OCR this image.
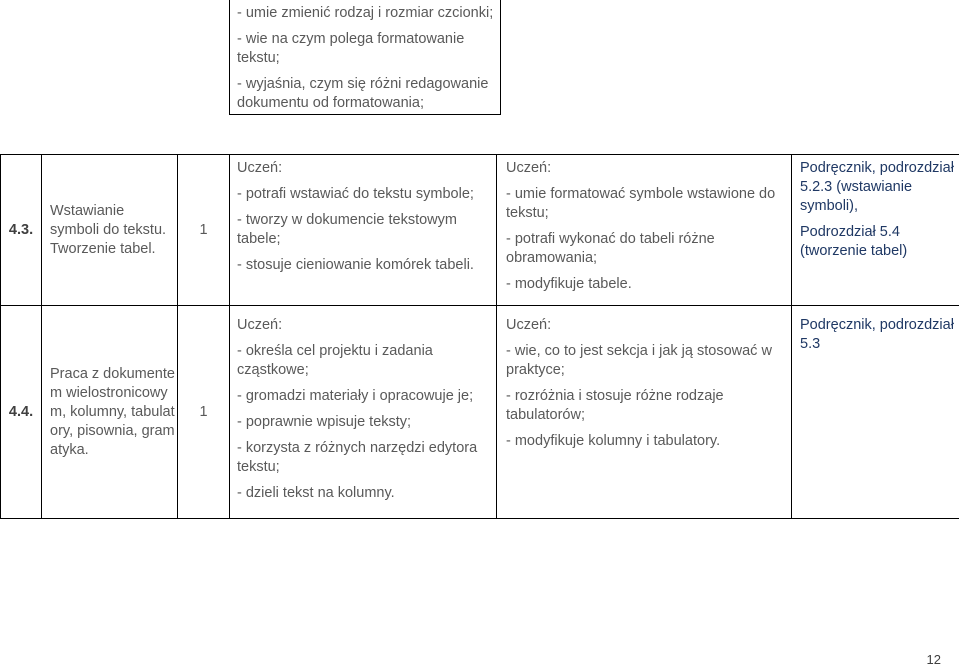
- umie zmienić rodzaj i rozmiar czcionki;
- wie na czym polega formatowanie tekstu;
- wyjaśnia, czym się różni redagowanie dokumentu od formatowania;
4.3.
Wstawianie symboli do tekstu. Tworzenie tabel.
1
Uczeń:
- potrafi wstawiać do tekstu symbole;
- tworzy w dokumencie tekstowym tabele;
- stosuje cieniowanie komórek tabeli.
Uczeń:
- umie formatować symbole wstawione do tekstu;
- potrafi wykonać do tabeli różne obramowania;
- modyfikuje tabele.
Podręcznik, podrozdział 5.2.3 (wstawianie symboli),
Podrozdział 5.4 (tworzenie tabel)
4.4.
Praca z dokumentem wielostronicowym, kolumny, tabulatory, pisownia, gramatyka.
1
Uczeń:
- określa cel projektu i zadania cząstkowe;
- gromadzi materiały i opracowuje je;
- poprawnie wpisuje teksty;
- korzysta z różnych narzędzi edytora tekstu;
- dzieli tekst na kolumny.
Uczeń:
- wie, co to jest sekcja i jak ją stosować w praktyce;
- rozróżnia i stosuje różne rodzaje tabulatorów;
- modyfikuje kolumny i tabulatory.
Podręcznik, podrozdział 5.3
12
